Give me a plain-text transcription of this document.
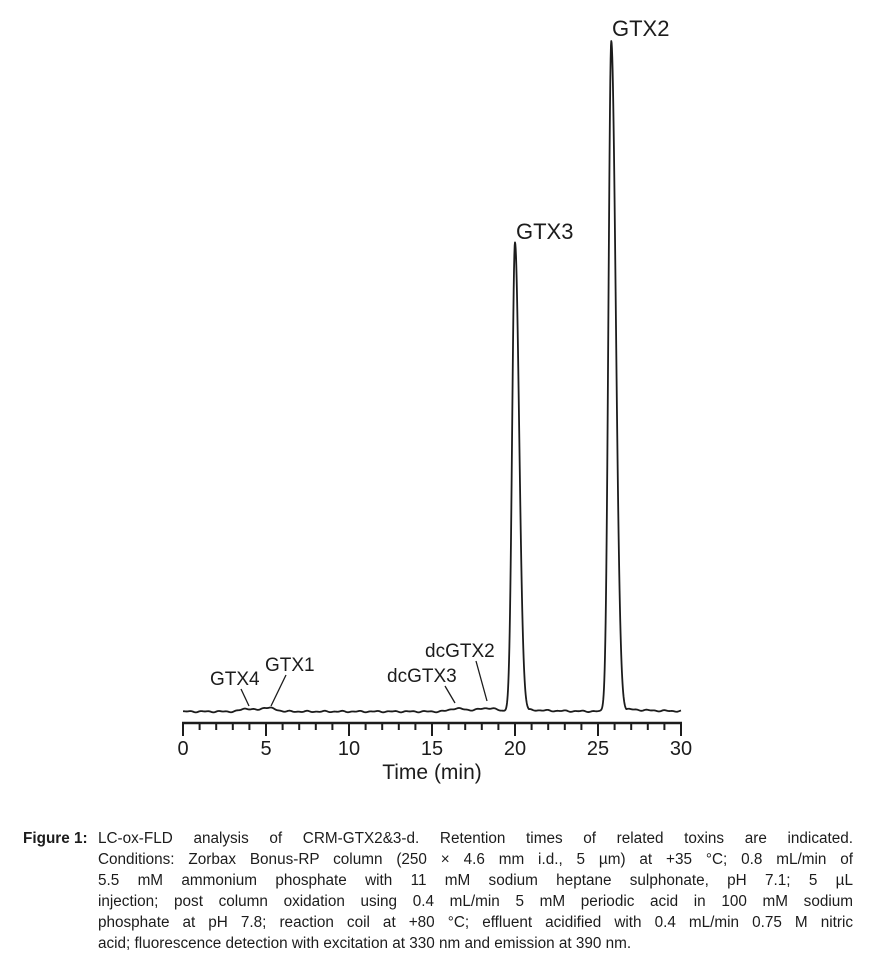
0	5	10	15	20	25	30
Time (min)
GTX4
GTX1
dcGTX3
dcGTX2
GTX3
GTX2
Figure 1: LC-ox-FLD analysis of CRM-GTX2&3-d. Retention times of related toxins are indicated.
Conditions: Zorbax Bonus-RP column (250 × 4.6 mm i.d., 5 µm) at +35 °C; 0.8 mL/min of
5.5 mM ammonium phosphate with 11 mM sodium heptane sulphonate, pH 7.1; 5 µL
injection; post column oxidation using 0.4 mL/min 5 mM periodic acid in 100 mM sodium
phosphate at pH 7.8; reaction coil at +80 °C; effluent acidified with 0.4 mL/min 0.75 M nitric
acid; fluorescence detection with excitation at 330 nm and emission at 390 nm.
